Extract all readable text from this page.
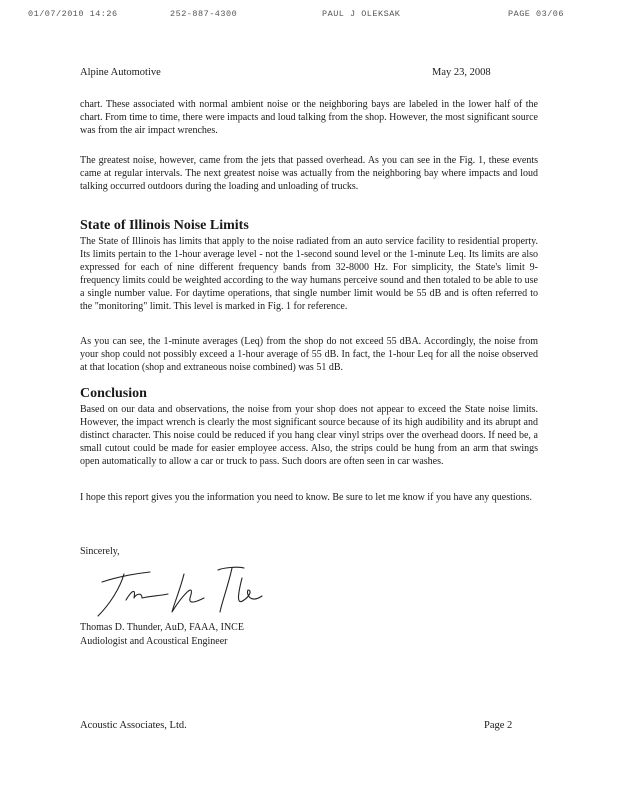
01/07/2010 14:26	252-887-4300	PAUL J OLEKSAK	PAGE 03/06
Alpine Automotive	May 23, 2008

chart. These associated with normal ambient noise or the neighboring bays are labeled in the lower half of the chart. From time to time, there were impacts and loud talking from the shop. However, the most significant source was from the air impact wrenches.

The greatest noise, however, came from the jets that passed overhead. As you can see in the Fig. 1, these events came at regular intervals. The next greatest noise was actually from the neighboring bay where impacts and loud talking occurred outdoors during the loading and unloading of trucks.

State of Illinois Noise Limits

The State of Illinois has limits that apply to the noise radiated from an auto service facility to residential property. Its limits pertain to the 1-hour average level - not the 1-second sound level or the 1-minute Leq. Its limits are also expressed for each of nine different frequency bands from 32-8000 Hz. For simplicity, the State's limit 9-frequency limits could be weighted according to the way humans perceive sound and then totaled to be able to use a single number value. For daytime operations, that single number limit would be 55 dB and is often referred to the "monitoring" limit. This level is marked in Fig. 1 for reference.

As you can see, the 1-minute averages (Leq) from the shop do not exceed 55 dBA. Accordingly, the noise from your shop could not possibly exceed a 1-hour average of 55 dB. In fact, the 1-hour Leq for all the noise observed at that location (shop and extraneous noise combined) was 51 dB.

Conclusion

Based on our data and observations, the noise from your shop does not appear to exceed the State noise limits. However, the impact wrench is clearly the most significant source because of its high audibility and its abrupt and distinct character. This noise could be reduced if you hang clear vinyl strips over the overhead doors. If need be, a small cutout could be made for easier employee access. Also, the strips could be hung from an arm that swings open automatically to allow a car or truck to pass. Such doors are often seen in car washes.

I hope this report gives you the information you need to know. Be sure to let me know if you have any questions.

Sincerely,

Thomas D. Thunder, AuD, FAAA, INCE

Audiologist and Acoustical Engineer

Acoustic Associates, Ltd.	Page 2
